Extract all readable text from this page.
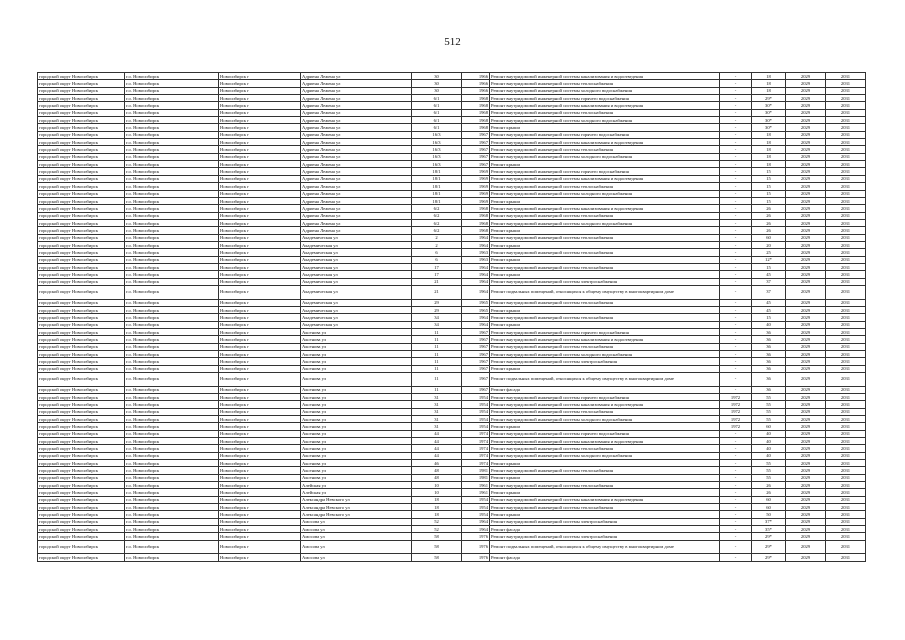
512
городской округ Новосибирск	г.о. Новосибирск	Новосибирск г	Адриена Лежена ул	30	1966	Ремонт внутридомовой инженерной системы канализования и водоотведения	-	18	2029	2031
городской округ Новосибирск	г.о. Новосибирск	Новосибирск г	Адриена Лежена ул	30	1966	Ремонт внутридомовой инженерной системы теплоснабжения	-	18	2029	2031
городской округ Новосибирск	г.о. Новосибирск	Новосибирск г	Адриена Лежена ул	30	1966	Ремонт внутридомовой инженерной системы холодного водоснабжения	-	18	2029	2031
городской округ Новосибирск	г.о. Новосибирск	Новосибирск г	Адриена Лежена ул	6/1	1968	Ремонт внутридомовой инженерной системы горячего водоснабжения	-	29*	2029	2031
городской округ Новосибирск	г.о. Новосибирск	Новосибирск г	Адриена Лежена ул	6/1	1968	Ремонт внутридомовой инженерной системы канализования и водоотведения	-	30*	2029	2031
городской округ Новосибирск	г.о. Новосибирск	Новосибирск г	Адриена Лежена ул	6/1	1968	Ремонт внутридомовой инженерной системы теплоснабжения	-	30*	2029	2031
городской округ Новосибирск	г.о. Новосибирск	Новосибирск г	Адриена Лежена ул	6/1	1968	Ремонт внутридомовой инженерной системы холодного водоснабжения	-	30*	2029	2031
городской округ Новосибирск	г.о. Новосибирск	Новосибирск г	Адриена Лежена ул	6/1	1968	Ремонт крыши	-	30*	2029	2031
городской округ Новосибирск	г.о. Новосибирск	Новосибирск г	Адриена Лежена ул	16/3	1967	Ремонт внутридомовой инженерной системы горячего водоснабжения	-	18	2029	2031
городской округ Новосибирск	г.о. Новосибирск	Новосибирск г	Адриена Лежена ул	16/3	1967	Ремонт внутридомовой инженерной системы канализования и водоотведения	-	18	2029	2031
городской округ Новосибирск	г.о. Новосибирск	Новосибирск г	Адриена Лежена ул	16/3	1967	Ремонт внутридомовой инженерной системы теплоснабжения	-	18	2029	2031
городской округ Новосибирск	г.о. Новосибирск	Новосибирск г	Адриена Лежена ул	16/3	1967	Ремонт внутридомовой инженерной системы холодного водоснабжения	-	18	2029	2031
городской округ Новосибирск	г.о. Новосибирск	Новосибирск г	Адриена Лежена ул	16/3	1967	Ремонт крыши	-	18	2029	2031
городской округ Новосибирск	г.о. Новосибирск	Новосибирск г	Адриена Лежена ул	18/1	1969	Ремонт внутридомовой инженерной системы горячего водоснабжения	-	15	2029	2031
городской округ Новосибирск	г.о. Новосибирск	Новосибирск г	Адриена Лежена ул	18/1	1969	Ремонт внутридомовой инженерной системы канализования и водоотведения	-	15	2029	2031
городской округ Новосибирск	г.о. Новосибирск	Новосибирск г	Адриена Лежена ул	18/1	1969	Ремонт внутридомовой инженерной системы теплоснабжения	-	15	2029	2031
городской округ Новосибирск	г.о. Новосибирск	Новосибирск г	Адриена Лежена ул	18/1	1969	Ремонт внутридомовой инженерной системы холодного водоснабжения	-	15	2029	2031
городской округ Новосибирск	г.о. Новосибирск	Новосибирск г	Адриена Лежена ул	18/1	1969	Ремонт крыши	-	15	2029	2031
городской округ Новосибирск	г.о. Новосибирск	Новосибирск г	Адриена Лежена ул	6/2	1968	Ремонт внутридомовой инженерной системы канализования и водоотведения	-	26	2029	2031
городской округ Новосибирск	г.о. Новосибирск	Новосибирск г	Адриена Лежена ул	6/2	1968	Ремонт внутридомовой инженерной системы теплоснабжения	-	26	2029	2031
городской округ Новосибирск	г.о. Новосибирск	Новосибирск г	Адриена Лежена ул	6/2	1968	Ремонт внутридомовой инженерной системы холодного водоснабжения	-	26	2029	2031
городской округ Новосибирск	г.о. Новосибирск	Новосибирск г	Адриена Лежена ул	6/2	1968	Ремонт крыши	-	26	2029	2031
городской округ Новосибирск	г.о. Новосибирск	Новосибирск г	Академическая ул	2	1964	Ремонт внутридомовой инженерной системы теплоснабжения	-	60	2029	2031
городской округ Новосибирск	г.о. Новосибирск	Новосибирск г	Академическая ул	2	1964	Ремонт крыши	-	20	2029	2031
городской округ Новосибирск	г.о. Новосибирск	Новосибирск г	Академическая ул	6	1963	Ремонт внутридомовой инженерной системы теплоснабжения	-	25	2029	2031
городской округ Новосибирск	г.о. Новосибирск	Новосибирск г	Академическая ул	6	1963	Ремонт крыши	-	12*	2029	2031
городской округ Новосибирск	г.о. Новосибирск	Новосибирск г	Академическая ул	17	1964	Ремонт внутридомовой инженерной системы теплоснабжения	-	15	2029	2031
городской округ Новосибирск	г.о. Новосибирск	Новосибирск г	Академическая ул	17	1964	Ремонт крыши	-	45	2029	2031
городской округ Новосибирск	г.о. Новосибирск	Новосибирск г	Академическая ул	21	1964	Ремонт внутридомовой инженерной системы электроснабжения	-	37	2029	2031
городской округ Новосибирск	г.о. Новосибирск	Новосибирск г	Академическая ул	21	1964	Ремонт подвальных помещений, относящихся к общему имуществу в многоквартирном доме	-	37	2029	2031
городской округ Новосибирск	г.о. Новосибирск	Новосибирск г	Академическая ул	29	1965	Ремонт внутридомовой инженерной системы теплоснабжения	-	45	2029	2031
городской округ Новосибирск	г.о. Новосибирск	Новосибирск г	Академическая ул	29	1965	Ремонт крыши	-	45	2029	2031
городской округ Новосибирск	г.о. Новосибирск	Новосибирск г	Академическая ул	34	1964	Ремонт внутридомовой инженерной системы теплоснабжения	-	15	2029	2031
городской округ Новосибирск	г.о. Новосибирск	Новосибирск г	Академическая ул	34	1964	Ремонт крыши	-	40	2029	2031
городской округ Новосибирск	г.о. Новосибирск	Новосибирск г	Аксенова ул	11	1967	Ремонт внутридомовой инженерной системы горячего водоснабжения	-	36	2029	2031
городской округ Новосибирск	г.о. Новосибирск	Новосибирск г	Аксенова ул	11	1967	Ремонт внутридомовой инженерной системы канализования и водоотведения	-	36	2029	2031
городской округ Новосибирск	г.о. Новосибирск	Новосибирск г	Аксенова ул	11	1967	Ремонт внутридомовой инженерной системы теплоснабжения	-	36	2029	2031
городской округ Новосибирск	г.о. Новосибирск	Новосибирск г	Аксенова ул	11	1967	Ремонт внутридомовой инженерной системы холодного водоснабжения	-	36	2029	2031
городской округ Новосибирск	г.о. Новосибирск	Новосибирск г	Аксенова ул	11	1967	Ремонт внутридомовой инженерной системы электроснабжения	-	36	2029	2031
городской округ Новосибирск	г.о. Новосибирск	Новосибирск г	Аксенова ул	11	1967	Ремонт крыши	-	36	2029	2031
городской округ Новосибирск	г.о. Новосибирск	Новосибирск г	Аксенова ул	11	1967	Ремонт подвальных помещений, относящихся к общему имуществу в многоквартирном доме	-	36	2029	2031
городской округ Новосибирск	г.о. Новосибирск	Новосибирск г	Аксенова ул	11	1967	Ремонт фасада	-	36	2029	2031
городской округ Новосибирск	г.о. Новосибирск	Новосибирск г	Аксенова ул	31	1954	Ремонт внутридомовой инженерной системы горячего водоснабжения	1972	55	2029	2031
городской округ Новосибирск	г.о. Новосибирск	Новосибирск г	Аксенова ул	31	1954	Ремонт внутридомовой инженерной системы канализования и водоотведения	1972	55	2029	2031
городской округ Новосибирск	г.о. Новосибирск	Новосибирск г	Аксенова ул	31	1954	Ремонт внутридомовой инженерной системы теплоснабжения	1972	55	2029	2031
городской округ Новосибирск	г.о. Новосибирск	Новосибирск г	Аксенова ул	31	1954	Ремонт внутридомовой инженерной системы холодного водоснабжения	1972	55	2029	2031
городской округ Новосибирск	г.о. Новосибирск	Новосибирск г	Аксенова ул	31	1954	Ремонт крыши	1972	60	2029	2031
городской округ Новосибирск	г.о. Новосибирск	Новосибирск г	Аксенова ул	44	1974	Ремонт внутридомовой инженерной системы горячего водоснабжения	-	40	2029	2031
городской округ Новосибирск	г.о. Новосибирск	Новосибирск г	Аксенова ул	44	1974	Ремонт внутридомовой инженерной системы канализования и водоотведения	-	40	2029	2031
городской округ Новосибирск	г.о. Новосибирск	Новосибирск г	Аксенова ул	44	1974	Ремонт внутридомовой инженерной системы теплоснабжения	-	40	2029	2031
городской округ Новосибирск	г.о. Новосибирск	Новосибирск г	Аксенова ул	44	1974	Ремонт внутридомовой инженерной системы холодного водоснабжения	-	40	2029	2031
городской округ Новосибирск	г.о. Новосибирск	Новосибирск г	Аксенова ул	46	1974	Ремонт крыши	-	55	2029	2031
городской округ Новосибирск	г.о. Новосибирск	Новосибирск г	Аксенова ул	48	1981	Ремонт внутридомовой инженерной системы теплоснабжения	-	55	2029	2031
городской округ Новосибирск	г.о. Новосибирск	Новосибирск г	Аксенова ул	48	1981	Ремонт крыши	-	55	2029	2031
городской округ Новосибирск	г.о. Новосибирск	Новосибирск г	Алейская ул	10	1961	Ремонт внутридомовой инженерной системы теплоснабжения	-	26	2029	2031
городской округ Новосибирск	г.о. Новосибирск	Новосибирск г	Алейская ул	10	1961	Ремонт крыши	-	26	2029	2031
городской округ Новосибирск	г.о. Новосибирск	Новосибирск г	Александра Невского ул	18	1954	Ремонт внутридомовой инженерной системы канализования и водоотведения	-	60	2029	2031
городской округ Новосибирск	г.о. Новосибирск	Новосибирск г	Александра Невского ул	18	1954	Ремонт внутридомовой инженерной системы теплоснабжения	-	60	2029	2031
городской округ Новосибирск	г.о. Новосибирск	Новосибирск г	Александра Невского ул	18	1954	Ремонт крыши	-	50	2029	2031
городской округ Новосибирск	г.о. Новосибирск	Новосибирск г	Амосова ул	52	1964	Ремонт внутридомовой инженерной системы электроснабжения	-	37*	2029	2031
городской округ Новосибирск	г.о. Новосибирск	Новосибирск г	Амосова ул	52	1964	Ремонт фасада	-	35*	2029	2031
городской округ Новосибирск	г.о. Новосибирск	Новосибирск г	Амосова ул	58	1976	Ремонт внутридомовой инженерной системы электроснабжения	-	29*	2029	2031
городской округ Новосибирск	г.о. Новосибирск	Новосибирск г	Амосова ул	58	1976	Ремонт подвальных помещений, относящихся к общему имуществу в многоквартирном доме	-	29*	2029	2031
городской округ Новосибирск	г.о. Новосибирск	Новосибирск г	Амосова ул	58	1976	Ремонт фасада	-	29*	2029	2031
